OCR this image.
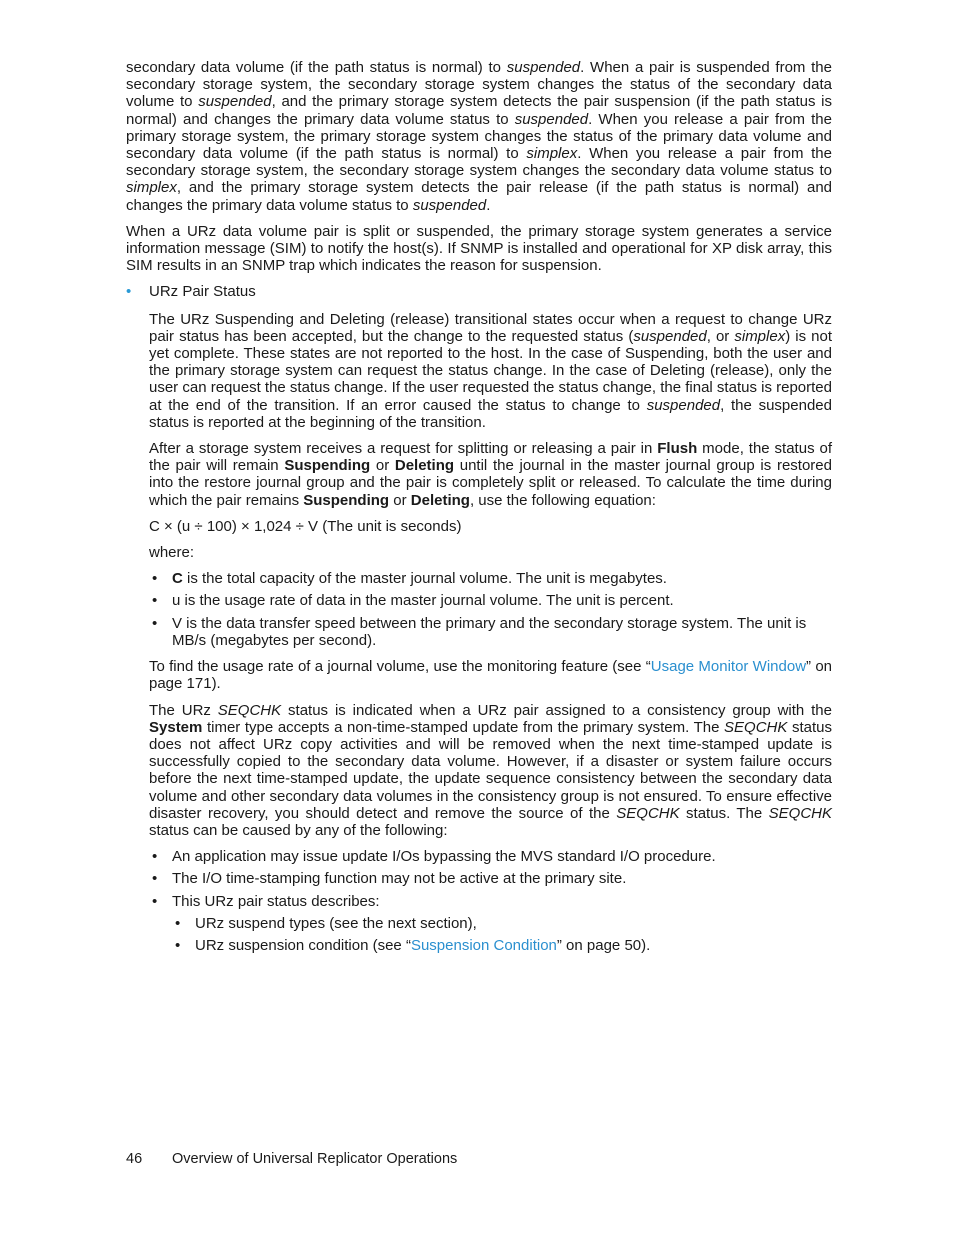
secondary data volume (if the path status is normal) to suspended. When a pair is suspended from the secondary storage system, the secondary storage system changes the status of the secondary data volume to suspended, and the primary storage system detects the pair suspension (if the path status is normal) and changes the primary data volume status to suspended. When you release a pair from the primary storage system, the primary storage system changes the status of the primary data volume and secondary data volume (if the path status is normal) to simplex. When you release a pair from the secondary storage system, the secondary storage system changes the secondary data volume status to simplex, and the primary storage system detects the pair release (if the path status is normal) and changes the primary data volume status to suspended.

When a URz data volume pair is split or suspended, the primary storage system generates a service information message (SIM) to notify the host(s). If SNMP is installed and operational for XP disk array, this SIM results in an SNMP trap which indicates the reason for suspension.

• URz Pair Status

The URz Suspending and Deleting (release) transitional states occur when a request to change URz pair status has been accepted, but the change to the requested status (suspended, or simplex) is not yet complete. These states are not reported to the host. In the case of Suspending, both the user and the primary storage system can request the status change. In the case of Deleting (release), only the user can request the status change. If the user requested the status change, the final status is reported at the end of the transition. If an error caused the status to change to suspended, the suspended status is reported at the beginning of the transition.

After a storage system receives a request for splitting or releasing a pair in Flush mode, the status of the pair will remain Suspending or Deleting until the journal in the master journal group is restored into the restore journal group and the pair is completely split or released. To calculate the time during which the pair remains Suspending or Deleting, use the following equation:

C × (u ÷ 100) × 1,024 ÷ V (The unit is seconds)

where:

• C is the total capacity of the master journal volume. The unit is megabytes.
• u is the usage rate of data in the master journal volume. The unit is percent.
• V is the data transfer speed between the primary and the secondary storage system. The unit is MB/s (megabytes per second).

To find the usage rate of a journal volume, use the monitoring feature (see “Usage Monitor Window” on page 171).

The URz SEQCHK status is indicated when a URz pair assigned to a consistency group with the System timer type accepts a non-time-stamped update from the primary system. The SEQCHK status does not affect URz copy activities and will be removed when the next time-stamped update is successfully copied to the secondary data volume. However, if a disaster or system failure occurs before the next time-stamped update, the update sequence consistency between the secondary data volume and other secondary data volumes in the consistency group is not ensured. To ensure effective disaster recovery, you should detect and remove the source of the SEQCHK status. The SEQCHK status can be caused by any of the following:

• An application may issue update I/Os bypassing the MVS standard I/O procedure.
• The I/O time-stamping function may not be active at the primary site.
• This URz pair status describes:
• URz suspend types (see the next section),
• URz suspension condition (see “Suspension Condition” on page 50).
46 Overview of Universal Replicator Operations
